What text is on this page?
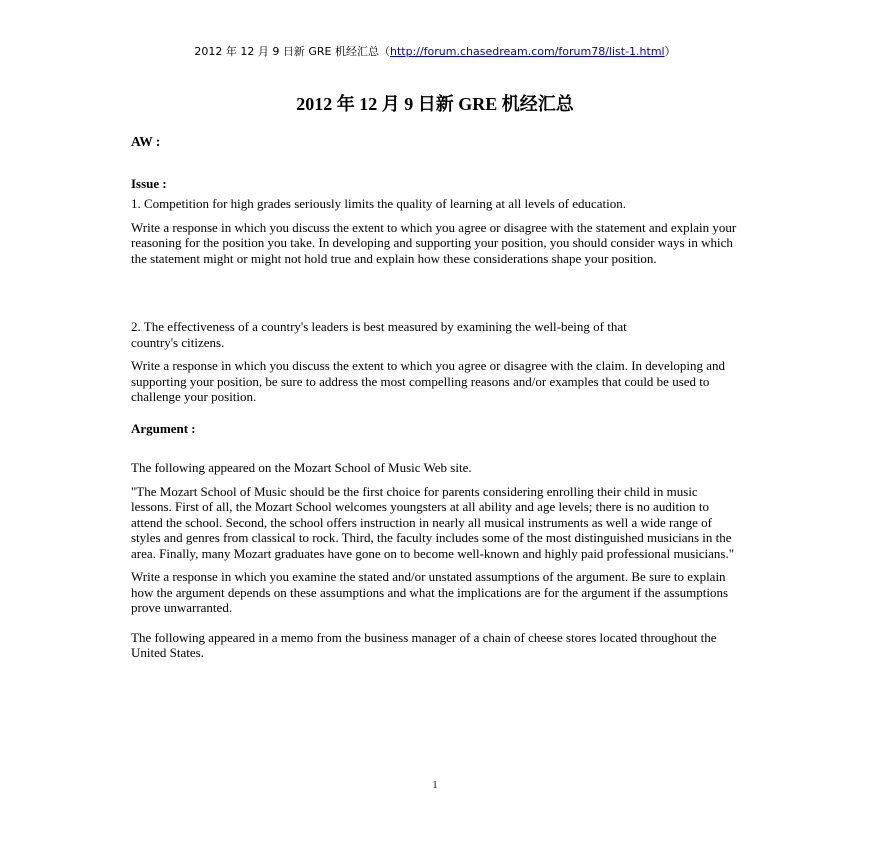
2012 年 12 月 9 日新 GRE 机经汇总（http://forum.chasedream.com/forum78/list-1.html）
2012 年 12 月 9 日新 GRE 机经汇总

AW :

Issue :

1. Competition for high grades seriously limits the quality of learning at all levels of education.

Write a response in which you discuss the extent to which you agree or disagree with the statement and explain your reasoning for the position you take. In developing and supporting your position, you should consider ways in which the statement might or might not hold true and explain how these considerations shape your position.

2. The effectiveness of a country's leaders is best measured by examining the well-being of that country's citizens.

Write a response in which you discuss the extent to which you agree or disagree with the claim. In developing and supporting your position, be sure to address the most compelling reasons and/or examples that could be used to challenge your position.

Argument :

The following appeared on the Mozart School of Music Web site.

"The Mozart School of Music should be the first choice for parents considering enrolling their child in music lessons. First of all, the Mozart School welcomes youngsters at all ability and age levels; there is no audition to attend the school. Second, the school offers instruction in nearly all musical instruments as well a wide range of styles and genres from classical to rock. Third, the faculty includes some of the most distinguished musicians in the area. Finally, many Mozart graduates have gone on to become well-known and highly paid professional musicians."

Write a response in which you examine the stated and/or unstated assumptions of the argument. Be sure to explain how the argument depends on these assumptions and what the implications are for the argument if the assumptions prove unwarranted.

The following appeared in a memo from the business manager of a chain of cheese stores located throughout the United States.

1
